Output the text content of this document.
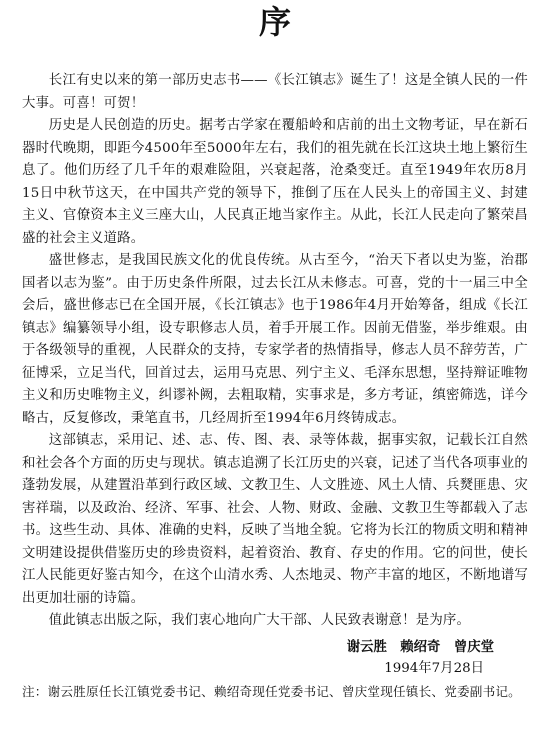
序

长江有史以来的第一部历史志书——《长江镇志》诞生了！这是全镇人民的一件大事。可喜！可贺！

历史是人民创造的历史。据考古学家在覆船岭和店前的出土文物考证，早在新石器时代晚期，即距今4500年至5000年左右，我们的祖先就在长江这块土地上繁衍生息了。他们历经了几千年的艰难险阻，兴衰起落，沧桑变迁。直至1949年农历8月15日中秋节这天，在中国共产党的领导下，推倒了压在人民头上的帝国主义、封建主义、官僚资本主义三座大山，人民真正地当家作主。从此，长江人民走向了繁荣昌盛的社会主义道路。

盛世修志，是我国民族文化的优良传统。从古至今，“治天下者以史为鉴，治郡国者以志为鉴”。由于历史条件所限，过去长江从未修志。可喜，党的十一届三中全会后，盛世修志已在全国开展，《长江镇志》也于1986年4月开始筹备，组成《长江镇志》编纂领导小组，设专职修志人员，着手开展工作。因前无借鉴，举步维艰。由于各级领导的重视，人民群众的支持，专家学者的热情指导，修志人员不辞劳苦，广征博采，立足当代，回首过去，运用马克思、列宁主义、毛泽东思想，坚持辩证唯物主义和历史唯物主义，纠谬补阙，去粗取精，实事求是，多方考证，缜密筛选，详今略古，反复修改，秉笔直书，几经周折至1994年6月终铸成志。

这部镇志，采用记、述、志、传、图、表、录等体裁，据事实叙，记载长江自然和社会各个方面的历史与现状。镇志追溯了长江历史的兴衰，记述了当代各项事业的蓬勃发展，从建置沿革到行政区域、文教卫生、人文胜迹、风土人情、兵燹匪患、灾害祥瑞，以及政治、经济、军事、社会、人物、财政、金融、文教卫生等都载入了志书。这些生动、具体、准确的史料，反映了当地全貌。它将为长江的物质文明和精神文明建设提供借鉴历史的珍贵资料，起着资治、教育、存史的作用。它的问世，使长江人民能更好鉴古知今，在这个山清水秀、人杰地灵、物产丰富的地区，不断地谱写出更加壮丽的诗篇。

值此镇志出版之际，我们衷心地向广大干部、人民致表谢意！是为序。

谢云胜　赖绍奇　曾庆堂
1994年7月28日
注：谢云胜原任长江镇党委书记、赖绍奇现任党委书记、曾庆堂现任镇长、党委副书记。
